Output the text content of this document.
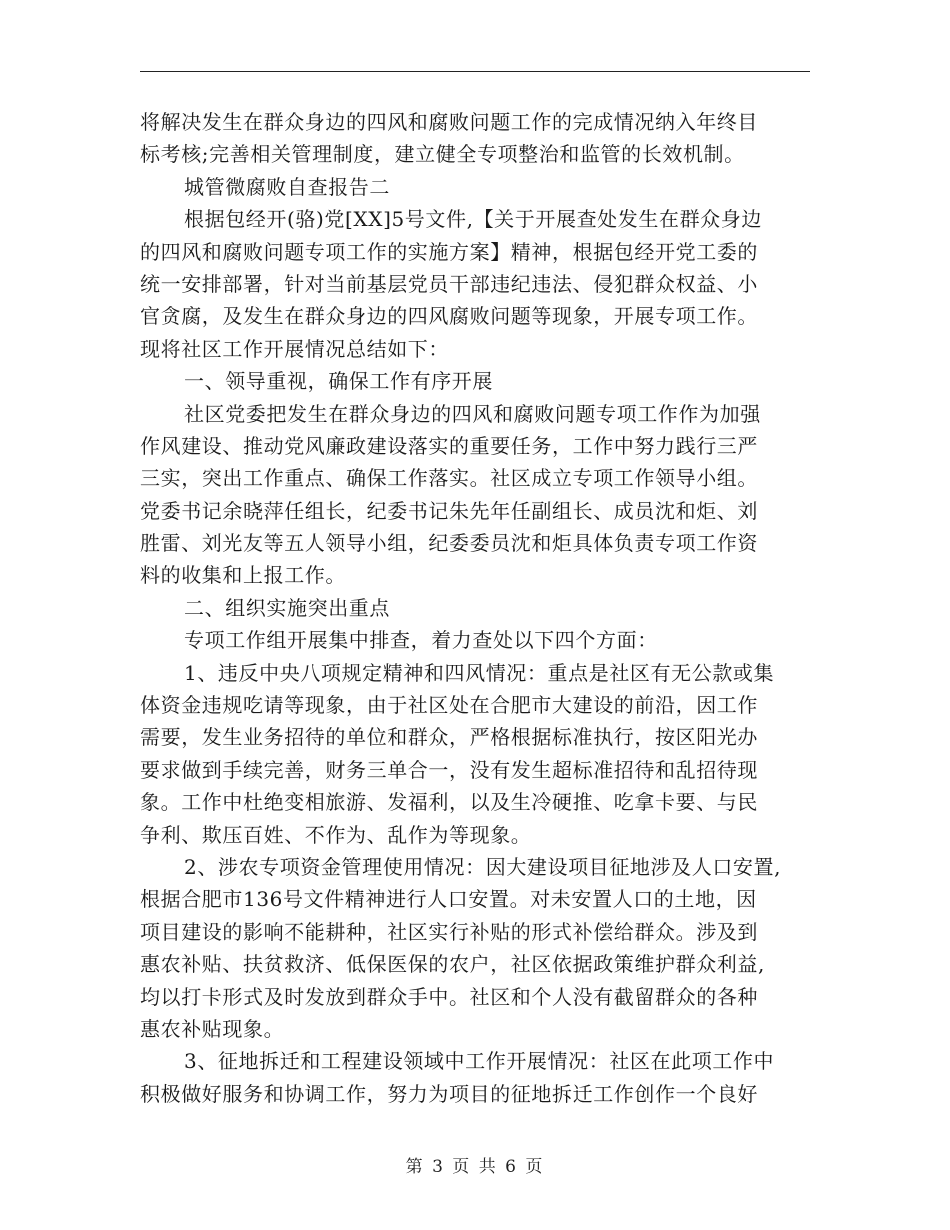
将解决发生在群众身边的四风和腐败问题工作的完成情况纳入年终目
标考核;完善相关管理制度，建立健全专项整治和监管的长效机制。
城管微腐败自查报告二
根据包经开(骆)党[XX]5号文件,【关于开展查处发生在群众身边
的四风和腐败问题专项工作的实施方案】精神，根据包经开党工委的
统一安排部署，针对当前基层党员干部违纪违法、侵犯群众权益、小
官贪腐，及发生在群众身边的四风腐败问题等现象，开展专项工作。
现将社区工作开展情况总结如下：
一、领导重视，确保工作有序开展
社区党委把发生在群众身边的四风和腐败问题专项工作作为加强
作风建设、推动党风廉政建设落实的重要任务，工作中努力践行三严
三实，突出工作重点、确保工作落实。社区成立专项工作领导小组。
党委书记余晓萍任组长，纪委书记朱先年任副组长、成员沈和炬、刘
胜雷、刘光友等五人领导小组，纪委委员沈和炬具体负责专项工作资
料的收集和上报工作。
二、组织实施突出重点
专项工作组开展集中排查，着力查处以下四个方面：
1、违反中央八项规定精神和四风情况：重点是社区有无公款或集
体资金违规吃请等现象，由于社区处在合肥市大建设的前沿，因工作
需要，发生业务招待的单位和群众，严格根据标准执行，按区阳光办
要求做到手续完善，财务三单合一，没有发生超标准招待和乱招待现
象。工作中杜绝变相旅游、发福利，以及生冷硬推、吃拿卡要、与民
争利、欺压百姓、不作为、乱作为等现象。
2、涉农专项资金管理使用情况：因大建设项目征地涉及人口安置,
根据合肥市136号文件精神进行人口安置。对未安置人口的土地，因
项目建设的影响不能耕种，社区实行补贴的形式补偿给群众。涉及到
惠农补贴、扶贫救济、低保医保的农户，社区依据政策维护群众利益,
均以打卡形式及时发放到群众手中。社区和个人没有截留群众的各种
惠农补贴现象。
3、征地拆迁和工程建设领域中工作开展情况：社区在此项工作中
积极做好服务和协调工作，努力为项目的征地拆迁工作创作一个良好
第 3 页 共 6 页
